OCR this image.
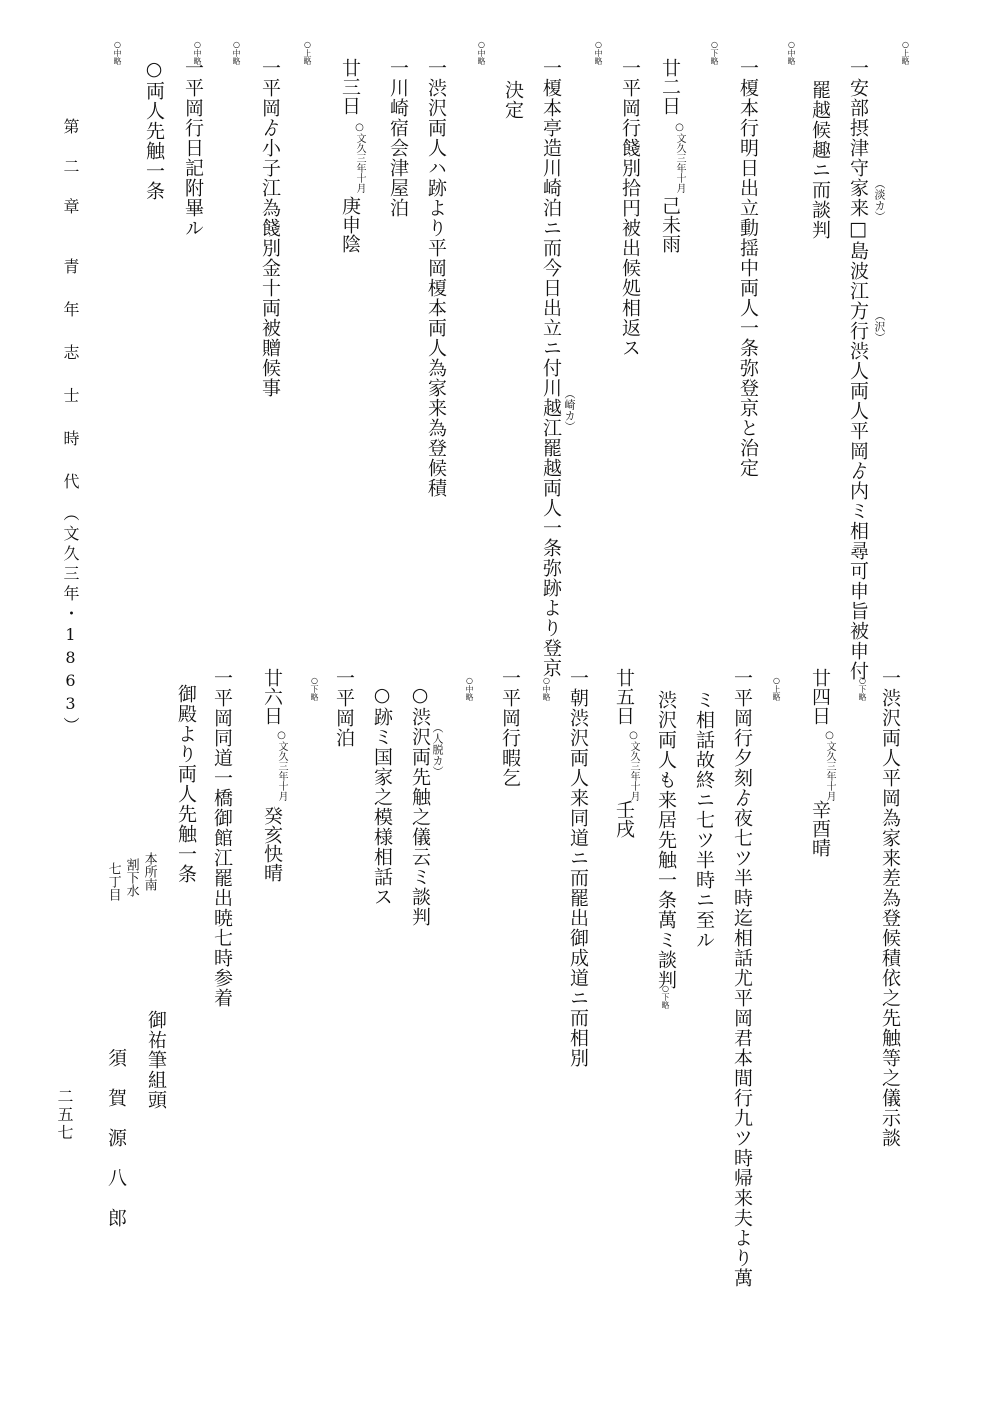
○上略
一安部摂津守家来□島波江方行渋人両人平岡ゟ内ミ相尋可申旨被申付 （淡カ）
（沢）
罷越候趣ニ而談判
○中略
一榎本行明日出立動揺中両人一条弥登京と治定
○下略
廿二日
○文久三年十月
己未雨
一平岡行餞別拾円被出候処相返ス
○中略
一榎本亭造川崎泊ニ而今日出立ニ付川越江罷越両人一条弥跡より登京 （崎カ）
決定
○中略
一渋沢両人ハ跡より平岡榎本両人為家来為登候積
一川崎宿会津屋泊
廿三日
○文久三年十月
庚申陰
○上略
一平岡ゟ小子江為餞別金十両被贈候事
○中略
一平岡行日記附畢ル
○中略
○両人先触一条
○中略
第　二　章　　青 年 志 士 時 代　（文久三年・1863）
一渋沢両人平岡為家来差為登候積依之先触等之儀示談
○下略
廿四日
○文久三年十月
辛酉晴
○上略
一平岡行夕刻ゟ夜七ツ半時迄相話尤平岡君本間行九ツ時帰来夫より萬
ミ相話故終ニ七ツ半時ニ至ル
渋沢両人も来居先触一条萬ミ談判
○下略
廿五日
○文久三年十月
壬戌
一朝渋沢両人来同道ニ而罷出御成道ニ而相別
○中略
一平岡行暇乞
○中略
○渋沢両先触之儀云ミ談判 （人脱カ）
○跡ミ国家之模様相話ス
一平岡泊
○下略
廿六日
○文久三年十月
癸亥快晴
一平岡同道一橋御館江罷出暁七時参着
御殿より両人先触一条
本所南
割下水
七丁目
御祐筆組頭
須　賀　源　八　郎
二五七
